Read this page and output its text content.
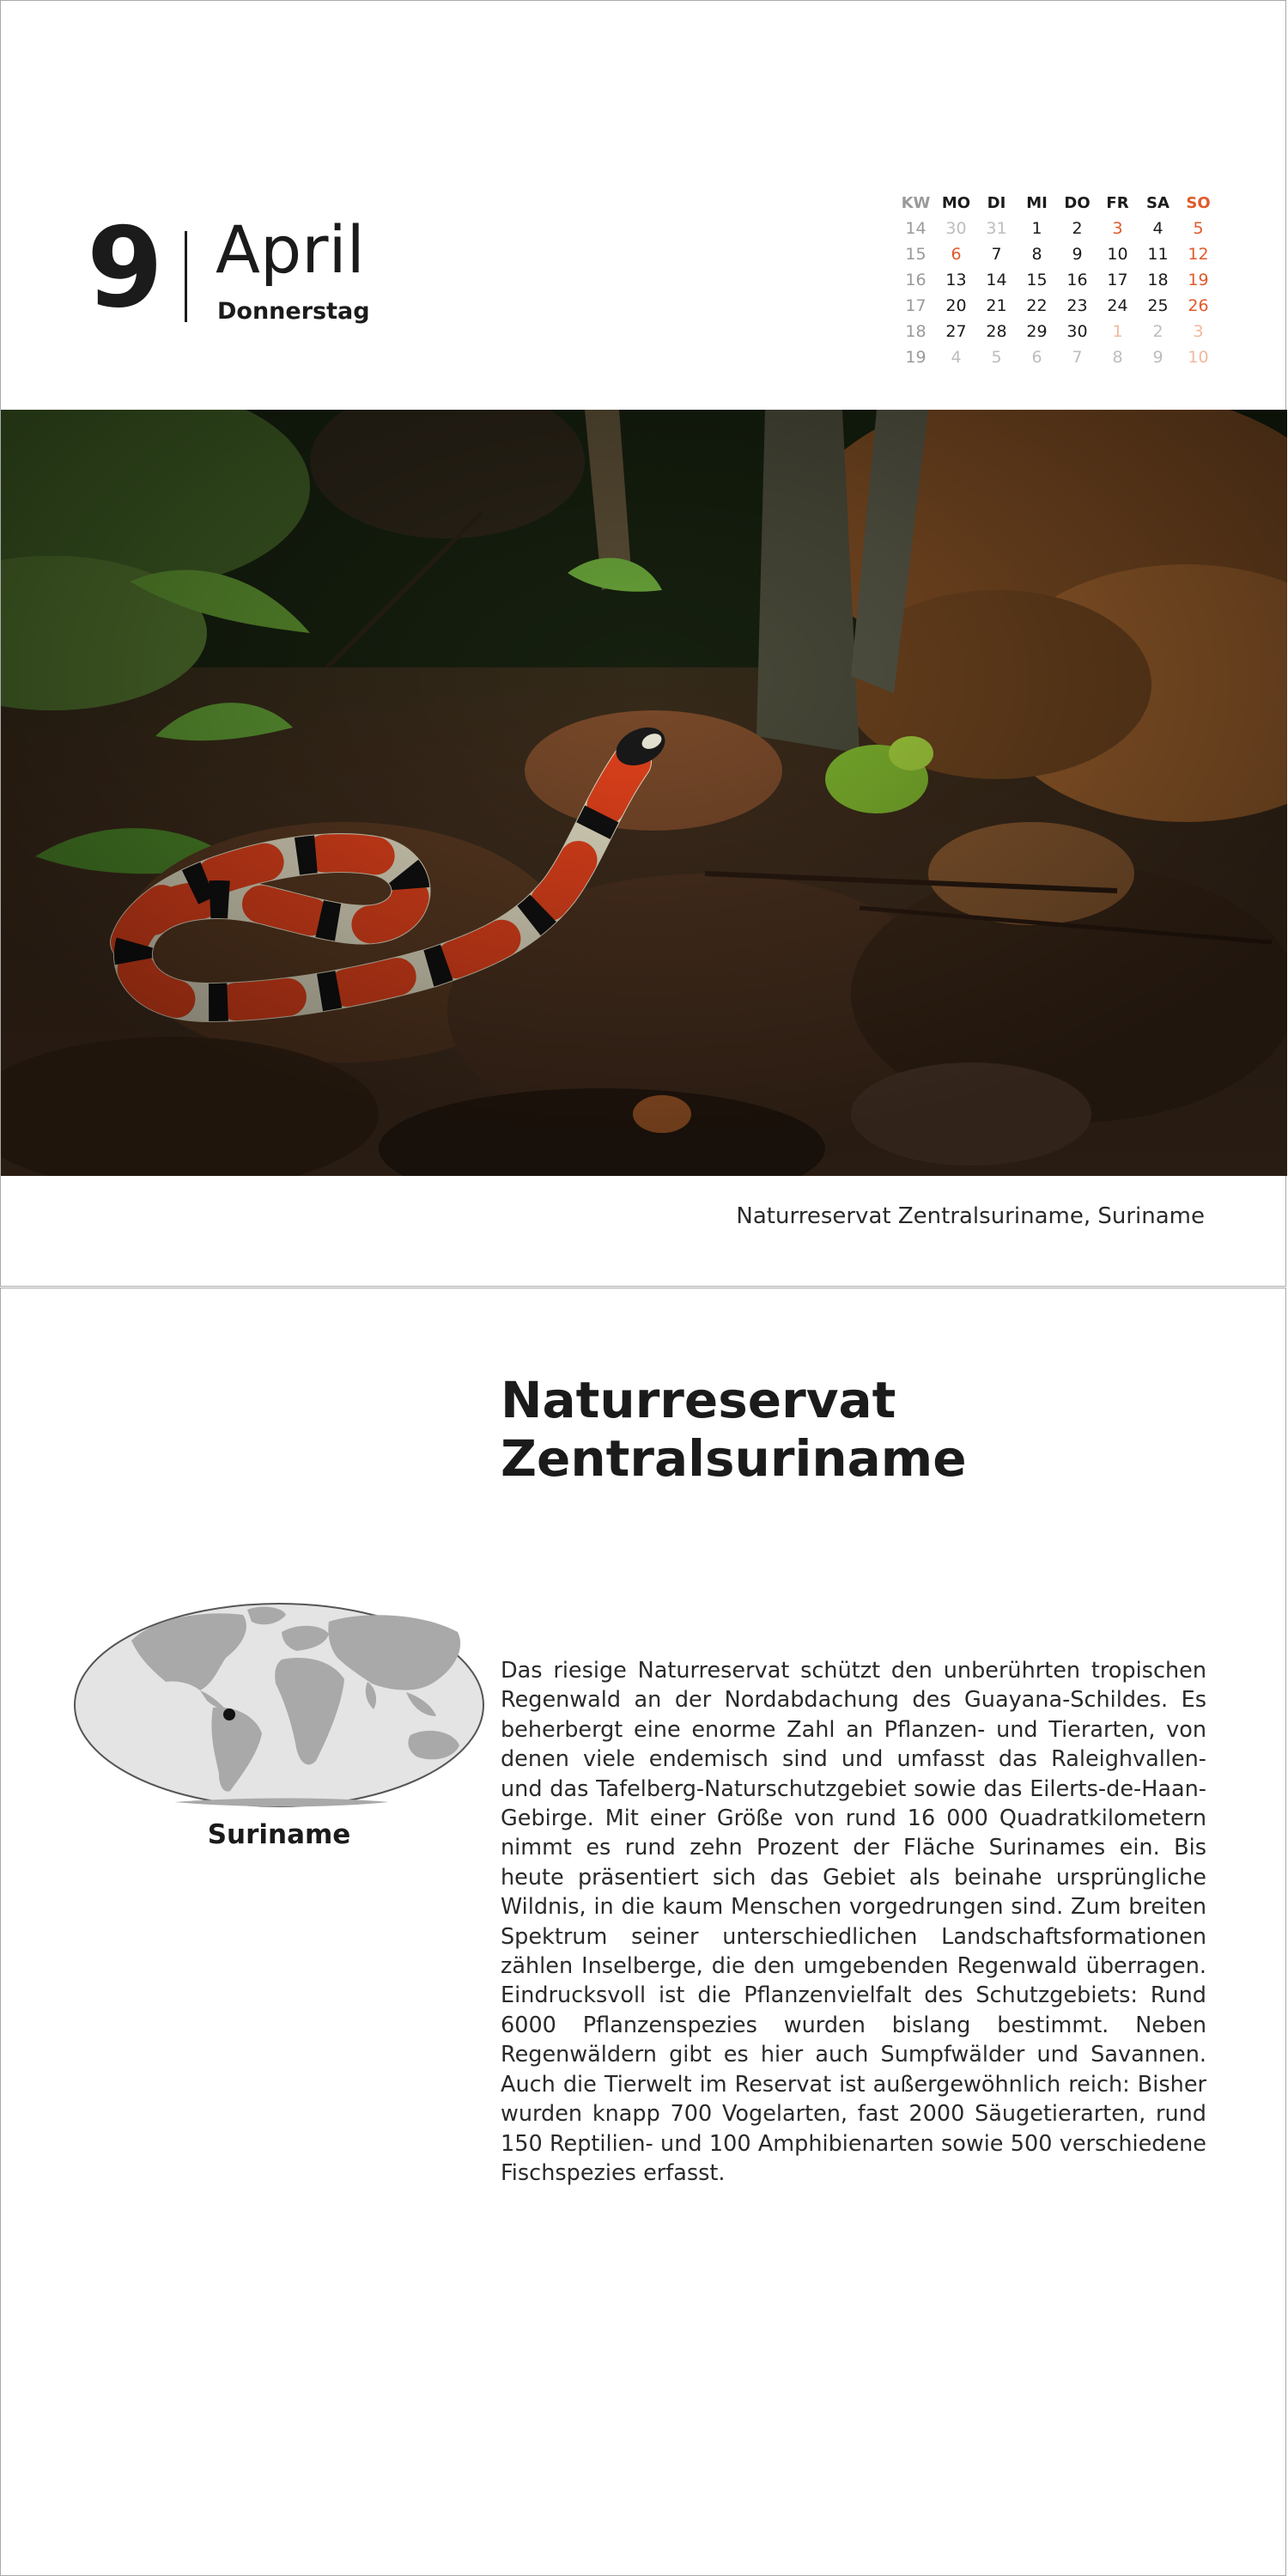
9 April
Donnerstag
KW	MO	DI	MI	DO	FR	SA	SO
14	30	31	1	2	3	4	5
15	6	7	8	9	10	11	12
16	13	14	15	16	17	18	19
17	20	21	22	23	24	25	26
18	27	28	29	30	1	2	3
19	4	5	6	7	8	9	10
Naturreservat Zentralsuriname, Suriname
Naturreservat
Zentralsuriname
Suriname

Das riesige Naturreservat schützt den unberührten tropischen Regenwald an der Nordabdachung des Guayana-Schildes. Es beherbergt eine enorme Zahl an Pflanzen- und Tierarten, von denen viele endemisch sind und umfasst das Raleighvallen- und das Tafelberg-Naturschutzgebiet sowie das Eilerts-de-Haan-Gebirge. Mit einer Größe von rund 16 000 Quadratkilometern nimmt es rund zehn Prozent der Fläche Surinames ein. Bis heute präsentiert sich das Gebiet als beinahe ursprüngliche Wildnis, in die kaum Menschen vorgedrungen sind. Zum breiten Spektrum seiner unterschiedlichen Landschaftsformationen zählen Inselberge, die den umgebenden Regenwald überragen. Eindrucksvoll ist die Pflanzenvielfalt des Schutzgebiets: Rund 6000 Pflanzenspezies wurden bislang bestimmt. Neben Regenwäldern gibt es hier auch Sumpfwälder und Savannen. Auch die Tierwelt im Reservat ist außergewöhnlich reich: Bisher wurden knapp 700 Vogelarten, fast 2000 Säugetierarten, rund 150 Reptilien- und 100 Amphibienarten sowie 500 verschiedene Fischspezies erfasst.
